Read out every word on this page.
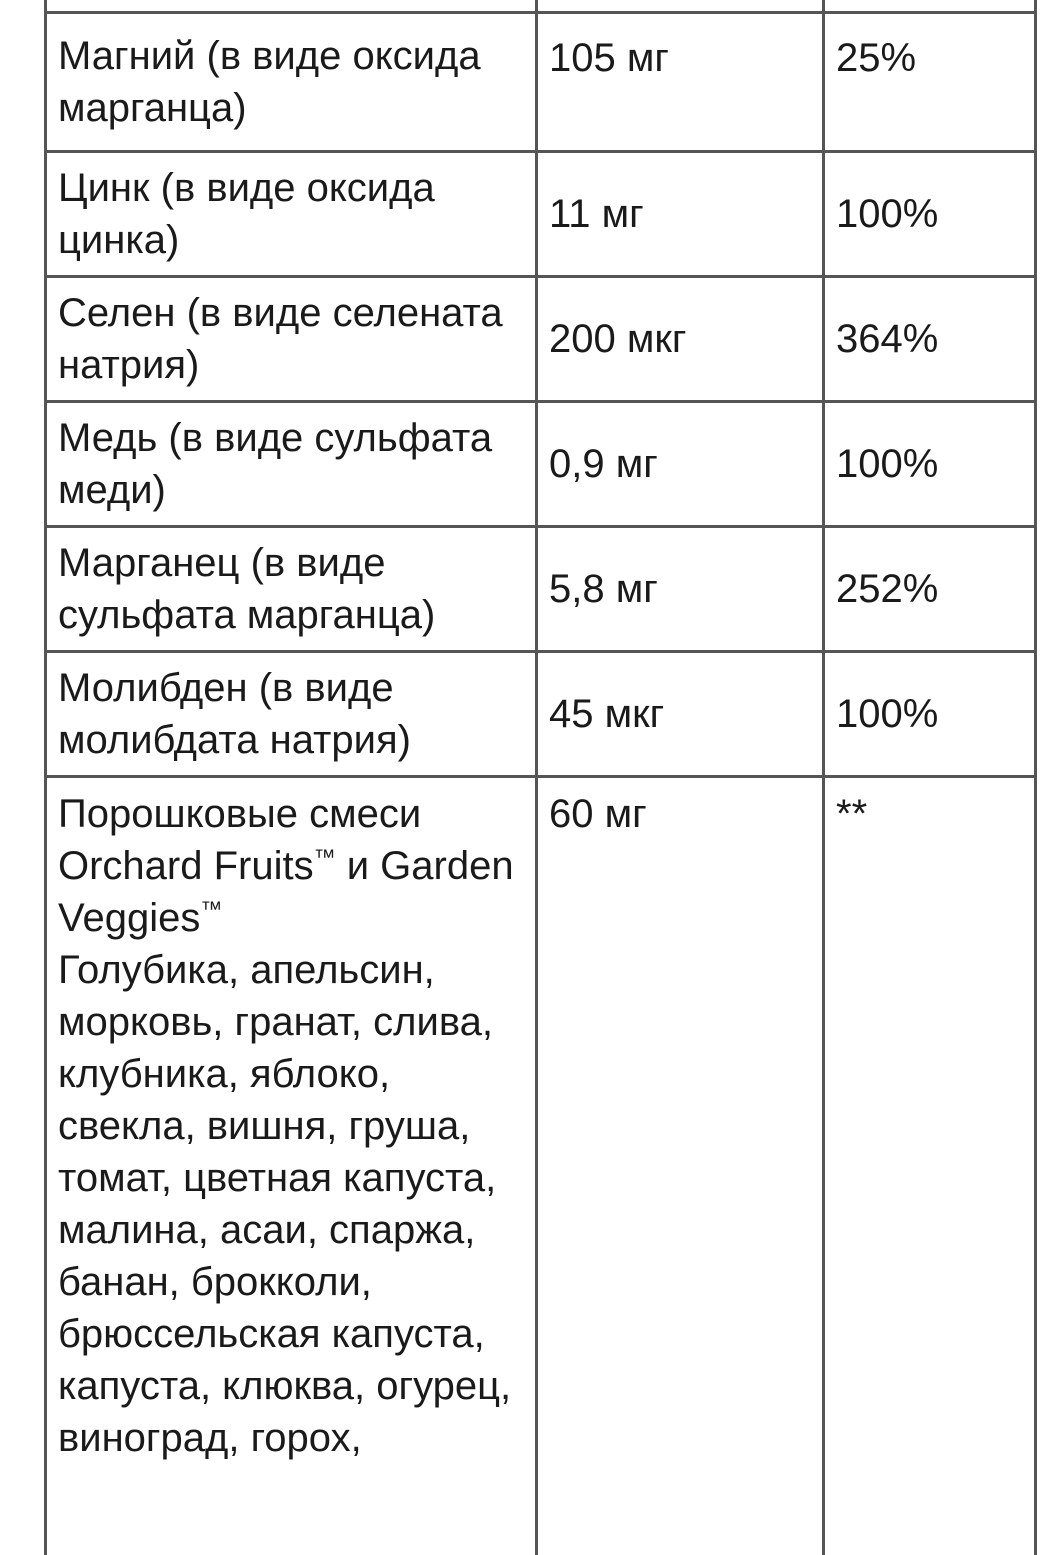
Магний (в виде оксида марганца)	105 мг	25%
Цинк (в виде оксида цинка)	11 мг	100%
Селен (в виде селената натрия)	200 мкг	364%
Медь (в виде сульфата меди)	0,9 мг	100%
Марганец (в виде сульфата марганца)	5,8 мг	252%
Молибден (в виде молибдата натрия)	45 мкг	100%
Порошковые смеси Orchard Fruits™ и Garden Veggies™
Голубика, апельсин, морковь, гранат, слива, клубника, яблоко, свекла, вишня, груша, томат, цветная капуста, малина, асаи, спаржа, банан, брокколи, брюссельская капуста, капуста, клюква, огурец, виноград, горох,	60 мг	**
